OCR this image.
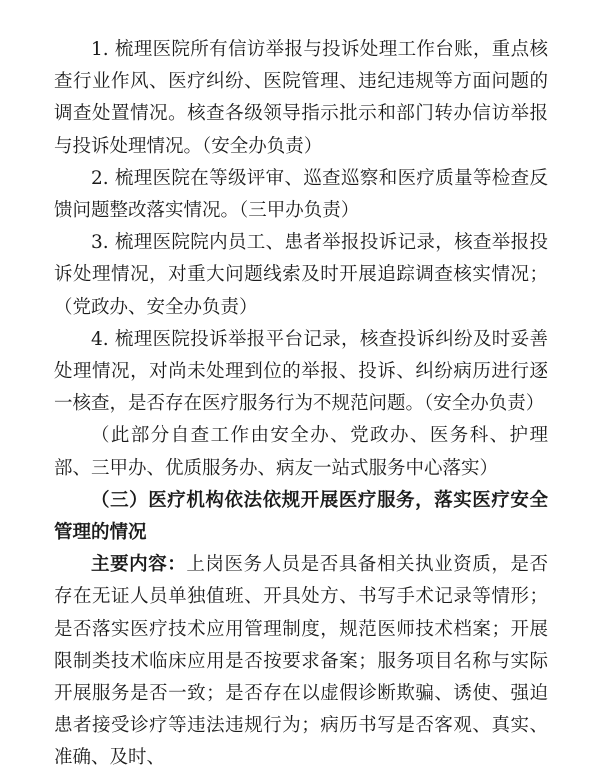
1. 梳理医院所有信访举报与投诉处理工作台账，重点核查行业作风、医疗纠纷、医院管理、违纪违规等方面问题的调查处置情况。核查各级领导指示批示和部门转办信访举报与投诉处理情况。（安全办负责）

2. 梳理医院在等级评审、巡查巡察和医疗质量等检查反馈问题整改落实情况。（三甲办负责）

3. 梳理医院院内员工、患者举报投诉记录，核查举报投诉处理情况，对重大问题线索及时开展追踪调查核实情况；（党政办、安全办负责）

4. 梳理医院投诉举报平台记录，核查投诉纠纷及时妥善处理情况，对尚未处理到位的举报、投诉、纠纷病历进行逐一核查，是否存在医疗服务行为不规范问题。（安全办负责）

（此部分自查工作由安全办、党政办、医务科、护理部、三甲办、优质服务办、病友一站式服务中心落实）

（三）医疗机构依法依规开展医疗服务，落实医疗安全管理的情况

主要内容：上岗医务人员是否具备相关执业资质，是否存在无证人员单独值班、开具处方、书写手术记录等情形；是否落实医疗技术应用管理制度，规范医师技术档案；开展限制类技术临床应用是否按要求备案；服务项目名称与实际开展服务是否一致；是否存在以虚假诊断欺骗、诱使、强迫患者接受诊疗等违法违规行为；病历书写是否客观、真实、准确、及时、
